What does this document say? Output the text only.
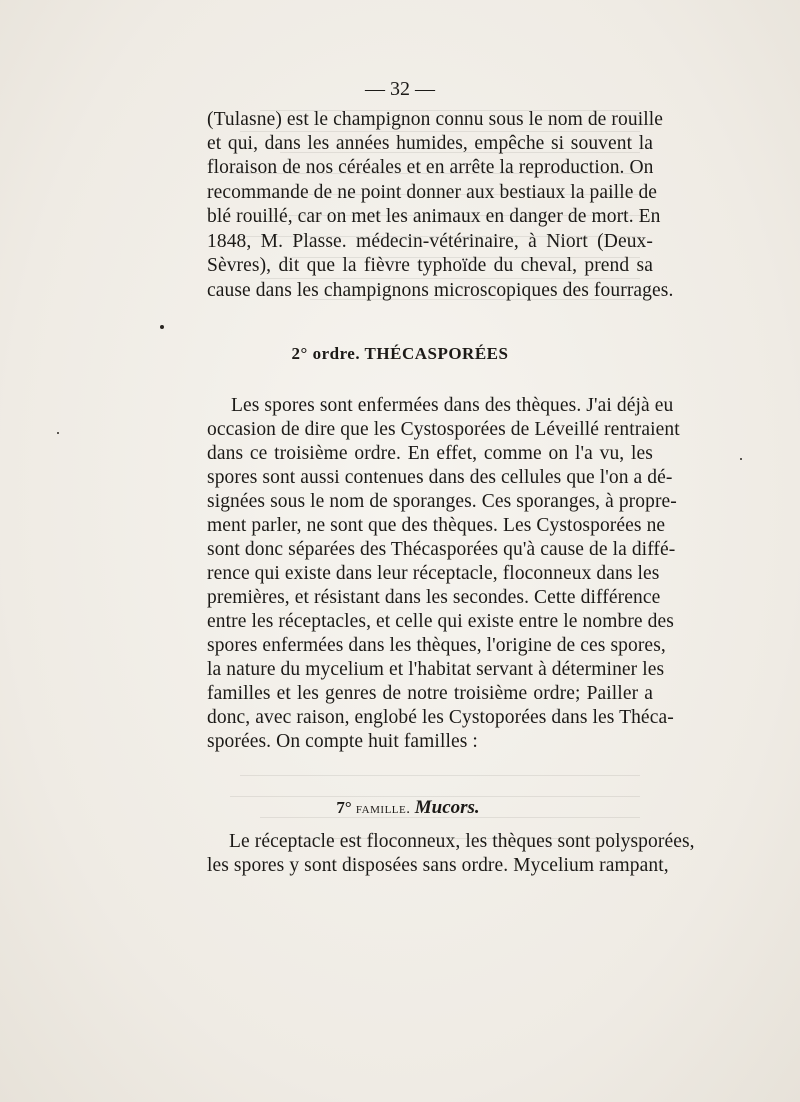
— 32 —
(Tulasne) est le champignon connu sous le nom de rouille
et qui, dans les années humides, empêche si souvent la
floraison de nos céréales et en arrête la reproduction. On
recommande de ne point donner aux bestiaux la paille de
blé rouillé, car on met les animaux en danger de mort. En
1848, M. Plasse. médecin-vétérinaire, à Niort (Deux-
Sèvres), dit que la fièvre typhoïde du cheval, prend sa
cause dans les champignons microscopiques des fourrages.
2° ordre. THÉCASPORÉES
Les spores sont enfermées dans des thèques. J'ai déjà eu
occasion de dire que les Cystosporées de Léveillé rentraient
dans ce troisième ordre. En effet, comme on l'a vu, les
spores sont aussi contenues dans des cellules que l'on a dé-
signées sous le nom de sporanges. Ces sporanges, à propre-
ment parler, ne sont que des thèques. Les Cystosporées ne
sont donc séparées des Thécasporées qu'à cause de la diffé-
rence qui existe dans leur réceptacle, floconneux dans les
premières, et résistant dans les secondes. Cette différence
entre les réceptacles, et celle qui existe entre le nombre des
spores enfermées dans les thèques, l'origine de ces spores,
la nature du mycelium et l'habitat servant à déterminer les
familles et les genres de notre troisième ordre; Pailler a
donc, avec raison, englobé les Cystoporées dans les Théca-
sporées. On compte huit familles :
7° famille. Mucors.
Le réceptacle est floconneux, les thèques sont polysporées,
les spores y sont disposées sans ordre. Mycelium rampant,
